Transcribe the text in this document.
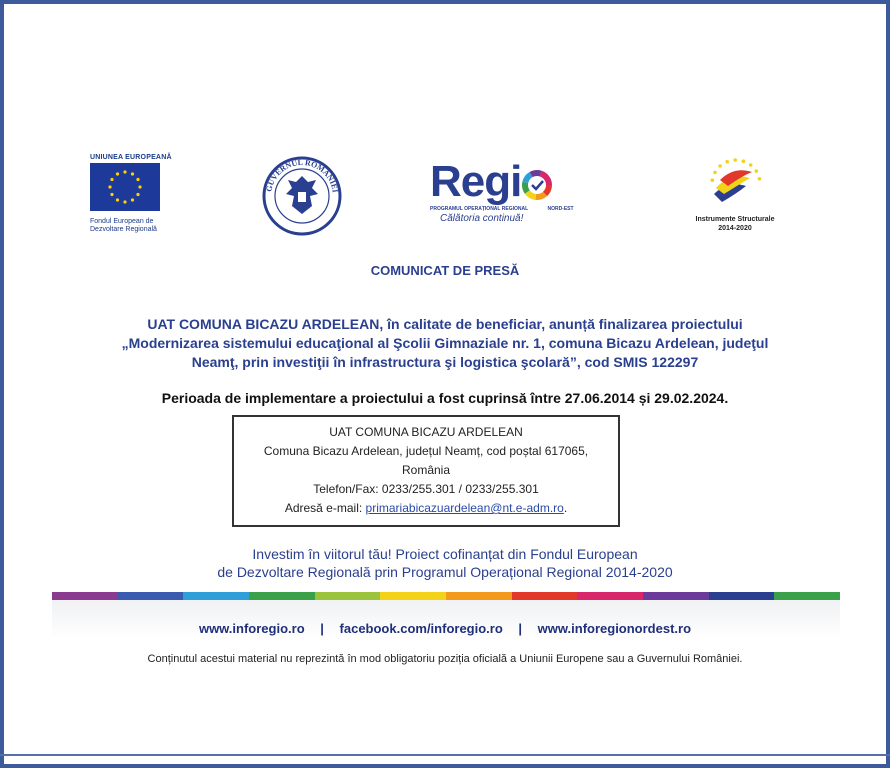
UNIUNEA EUROPEANĂ
Fondul European de
Dezvoltare Regională
GUVERNUL ROMÂNIEI Regi
PROGRAMUL OPERAȚIONAL REGIONAL	NORD-EST
Călătoria continuă!	Instrumente Structurale
2014-2020
COMUNICAT DE PRESĂ
UAT COMUNA BICAZU ARDELEAN, în calitate de beneficiar, anunță finalizarea proiectului
„Modernizarea sistemului educaţional al Şcolii Gimnaziale nr. 1, comuna Bicazu Ardelean, judeţul
Neamţ, prin investiţii în infrastructura şi logistica şcolară”, cod SMIS 122297
Perioada de implementare a proiectului a fost cuprinsă între 27.06.2014 și 29.02.2024.
UAT COMUNA BICAZU ARDELEAN
Comuna Bicazu Ardelean, județul Neamț, cod poștal 617065,
România
Telefon/Fax: 0233/255.301 / 0233/255.301
Adresă e-mail: primariabicazuardelean@nt.e-adm.ro.
Investim în viitorul tău! Proiect cofinanțat din Fondul European
de Dezvoltare Regională prin Programul Operațional Regional 2014-2020
www.inforegio.ro | facebook.com/inforegio.ro | www.inforegionordest.ro
Conținutul acestui material nu reprezintă în mod obligatoriu poziția oficială a Uniunii Europene sau a Guvernului României.
